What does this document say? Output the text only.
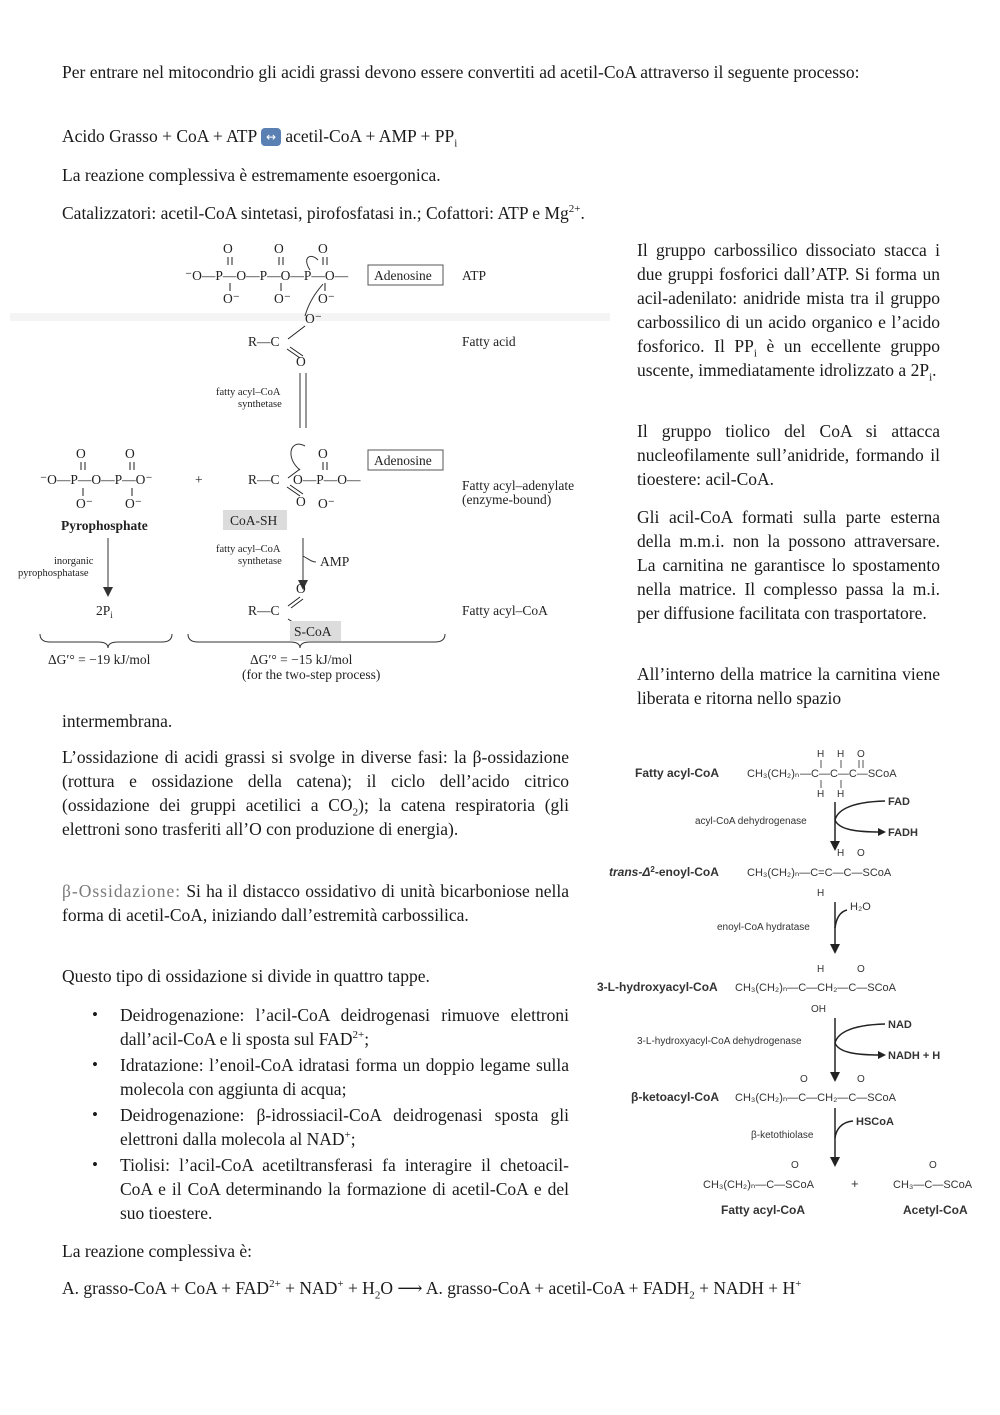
Per entrare nel mitocondrio gli acidi grassi devono essere convertiti ad acetil-CoA attraverso il seguente processo:

Acido Grasso + CoA + ATP ↔ acetil-CoA + AMP + $PP_i$

La reazione complessiva è estremamente esoergonica.

Catalizzatori: acetil-CoA sintetasi, pirofosfatasi in.; Cofattori: ATP e $Mg^{2+}$.

Il gruppo carbossilico dissociato stacca i due gruppi fosforici dall’ATP. Si forma un acil-adenilato: anidride mista tra il gruppo carbossilico di un acido organico e l’acido fosforico. Il $PP_i$ è un eccellente gruppo uscente, immediatamente idrolizzato a $2P_i$.

Il gruppo tiolico del CoA si attacca nucleofilamente sull’anidride, formando il tioestere: acil-CoA.

Gli acil-CoA formati sulla parte esterna della m.m.i. non la possono attraversare. La carnitina ne garantisce lo spostamento nella matrice. Il complesso passa la m.i. per diffusione facilitata con trasportatore.

All’interno della matrice la carnitina viene liberata e ritorna nello spazio

intermembrana.

O	O	O
⁻O—P—O—P—O—P—O—
O⁻	O⁻ O⁻
Adenosine ATP
O⁻
R—C
O
Fatty acid
fatty acyl–CoA
synthetase
O	O
⁻O—P—O—P—O⁻
O⁻ O⁻
Pyrophosphate
+
O
O—P—O—
R—C
O O⁻
Adenosine
Fatty acyl–adenylate
(enzyme-bound)
CoA-SH
fatty acyl–CoA
synthetase	AMP
inorganic
pyrophosphatase
$2P_i$
O
R—C
S-CoA
Fatty acyl–CoA
ΔG′° = −19 kJ/mol	ΔG′° = −15 kJ/mol
(for the two-step process)

L’ossidazione di acidi grassi si svolge in diverse fasi: la β-ossidazione (rottura e ossidazione della catena); il ciclo dell’acido citrico (ossidazione dei gruppi acetilici a $CO_2$); la catena respiratoria (gli elettroni sono trasferiti all’O con produzione di energia).

β-Ossidazione: Si ha il distacco ossidativo di unità bicarboniose nella forma di acetil-CoA, iniziando dall’estremità carbossilica.

Questo tipo di ossidazione si divide in quattro tappe.

• Deidrogenazione: l’acil-CoA deidrogenasi rimuove elettroni dall’acil-CoA e li sposta sul $FAD^{2+}$;
• Idratazione: l’enoil-CoA idratasi forma un doppio legame sulla molecola con aggiunta di acqua;
• Deidrogenazione: β-idrossiacil-CoA deidrogenasi sposta gli elettroni dalla molecola al NAD+;
• Tiolisi: l’acil-CoA acetiltransferasi fa interagire il chetoacil-CoA e il CoA determinando la formazione di acetil-CoA e del suo tioestere.

La reazione complessiva è:

A. grasso-CoA + CoA + $FAD^{2+} + NAD^+ + H_2O$ ⟶ A. grasso-CoA + acetil-CoA + $FADH_2$ + NADH + H+

Fatty acyl-CoA
H H O
CH₃(CH₂)ₙ —C—C—C—SCoA
H H
FAD
FADH
acyl-CoA dehydrogenase
trans-$\Delta^2-enoyl$-CoA
H O
CH₃(CH₂)ₙ—C=C—C—SCoA
H
H₂O
enoyl-CoA hydratase
3-L-hydroxyacyl-CoA
H	O
CH₃(CH₂)ₙ—C—CH₂—C—SCoA
OH
NAD
NADH + H
3-L-hydroxyacyl-CoA dehydrogenase
β-ketoacyl-CoA
O	O
CH₃(CH₂)ₙ—C—CH₂—C—SCoA
HSCoA
β-ketothiolase
O
CH₃(CH₂)ₙ—C—SCoA	+
O
CH₃—C—SCoA
Fatty acyl-CoA	Acetyl-CoA
